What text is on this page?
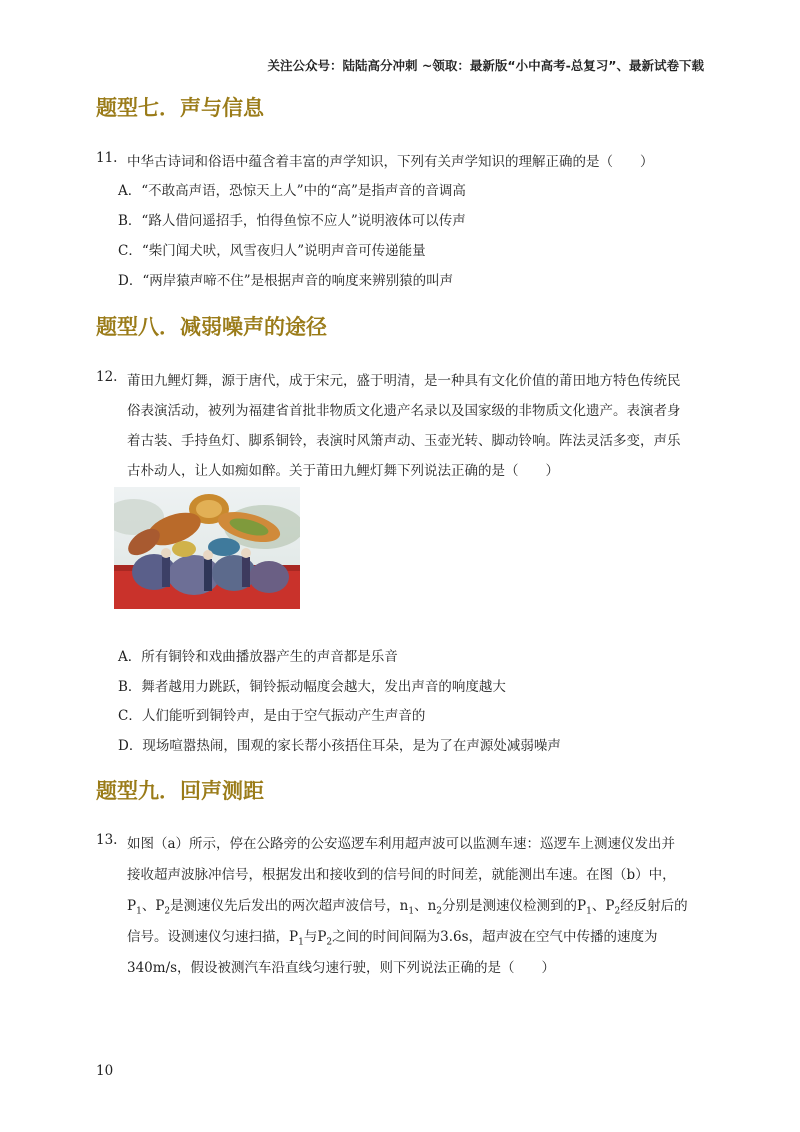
关注公众号：陆陆高分冲刺 ~领取：最新版“小中高考-总复习”、最新试卷下载
题型七．声与信息
11. 中华古诗词和俗语中蕴含着丰富的声学知识，下列有关声学知识的理解正确的是（　　）
A．“不敢高声语，恐惊天上人”中的“高”是指声音的音调高
B．“路人借问遥招手，怕得鱼惊不应人”说明液体可以传声
C．“柴门闻犬吠，风雪夜归人”说明声音可传递能量
D．“两岸猿声啼不住”是根据声音的响度来辨别猿的叫声
题型八．减弱噪声的途径
12. 莆田九鲤灯舞，源于唐代，成于宋元，盛于明清，是一种具有文化价值的莆田地方特色传统民
俗表演活动，被列为福建省首批非物质文化遗产名录以及国家级的非物质文化遗产。表演者身
着古装、手持鱼灯、脚系铜铃，表演时风箫声动、玉壶光转、脚动铃响。阵法灵活多变，声乐
古朴动人，让人如痴如醉。关于莆田九鲤灯舞下列说法正确的是（　　）
A．所有铜铃和戏曲播放器产生的声音都是乐音
B．舞者越用力跳跃，铜铃振动幅度会越大，发出声音的响度越大
C．人们能听到铜铃声，是由于空气振动产生声音的
D．现场喧嚣热闹，围观的家长帮小孩捂住耳朵，是为了在声源处减弱噪声
题型九．回声测距
13. 如图（a）所示，停在公路旁的公安巡逻车利用超声波可以监测车速：巡逻车上测速仪发出并
接收超声波脉冲信号，根据发出和接收到的信号间的时间差，就能测出车速。在图（b）中，
$P_1$、$P_2$是测速仪先后发出的两次超声波信号，$n_1$、$n_2$分别是测速仪检测到的$P_1$、$P_2$经反射后的
信号。设测速仪匀速扫描，$P_1$与$P_2$之间的时间间隔为3.6s，超声波在空气中传播的速度为
340m/s，假设被测汽车沿直线匀速行驶，则下列说法正确的是（　　）
10
